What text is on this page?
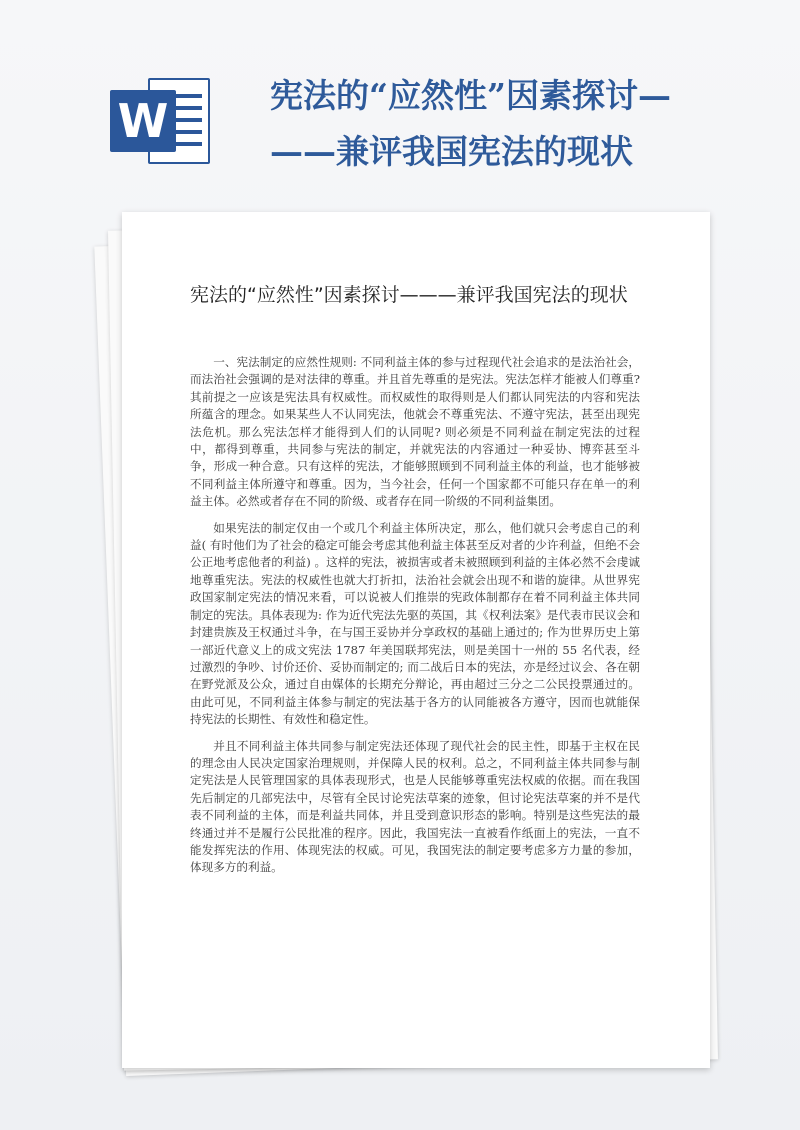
W	宪法的“应然性”因素探讨—
——兼评我国宪法的现状
宪法的“应然性”因素探讨———兼评我国宪法的现状

一、宪法制定的应然性规则: 不同利益主体的参与过程现代社会追求的是法治社会，而法治社会强调的是对法律的尊重。并且首先尊重的是宪法。宪法怎样才能被人们尊重? 其前提之一应该是宪法具有权威性。而权威性的取得则是人们都认同宪法的内容和宪法所蕴含的理念。如果某些人不认同宪法，他就会不尊重宪法、不遵守宪法，甚至出现宪法危机。那么宪法怎样才能得到人们的认同呢? 则必须是不同利益在制定宪法的过程中，都得到尊重，共同参与宪法的制定，并就宪法的内容通过一种妥协、博弈甚至斗争，形成一种合意。只有这样的宪法，才能够照顾到不同利益主体的利益，也才能够被不同利益主体所遵守和尊重。因为，当今社会，任何一个国家都不可能只存在单一的利益主体。必然或者存在不同的阶级、或者存在同一阶级的不同利益集团。

如果宪法的制定仅由一个或几个利益主体所决定，那么，他们就只会考虑自己的利益( 有时他们为了社会的稳定可能会考虑其他利益主体甚至反对者的少许利益，但绝不会公正地考虑他者的利益) 。这样的宪法，被损害或者未被照顾到利益的主体必然不会虔诚地尊重宪法。宪法的权威性也就大打折扣，法治社会就会出现不和谐的旋律。从世界宪政国家制定宪法的情况来看，可以说被人们推崇的宪政体制都存在着不同利益主体共同制定的宪法。具体表现为: 作为近代宪法先驱的英国，其《权利法案》是代表市民议会和封建贵族及王权通过斗争，在与国王妥协并分享政权的基础上通过的; 作为世界历史上第一部近代意义上的成文宪法 1787 年美国联邦宪法，则是美国十一州的 55 名代表，经过激烈的争吵、讨价还价、妥协而制定的; 而二战后日本的宪法，亦是经过议会、各在朝在野党派及公众，通过自由媒体的长期充分辩论，再由超过三分之二公民投票通过的。由此可见，不同利益主体参与制定的宪法基于各方的认同能被各方遵守，因而也就能保持宪法的长期性、有效性和稳定性。

并且不同利益主体共同参与制定宪法还体现了现代社会的民主性，即基于主权在民的理念由人民决定国家治理规则，并保障人民的权利。总之，不同利益主体共同参与制定宪法是人民管理国家的具体表现形式，也是人民能够尊重宪法权威的依据。而在我国先后制定的几部宪法中，尽管有全民讨论宪法草案的迹象，但讨论宪法草案的并不是代表不同利益的主体，而是利益共同体，并且受到意识形态的影响。特别是这些宪法的最终通过并不是履行公民批准的程序。因此，我国宪法一直被看作纸面上的宪法，一直不能发挥宪法的作用、体现宪法的权威。可见，我国宪法的制定要考虑多方力量的参加，体现多方的利益。
